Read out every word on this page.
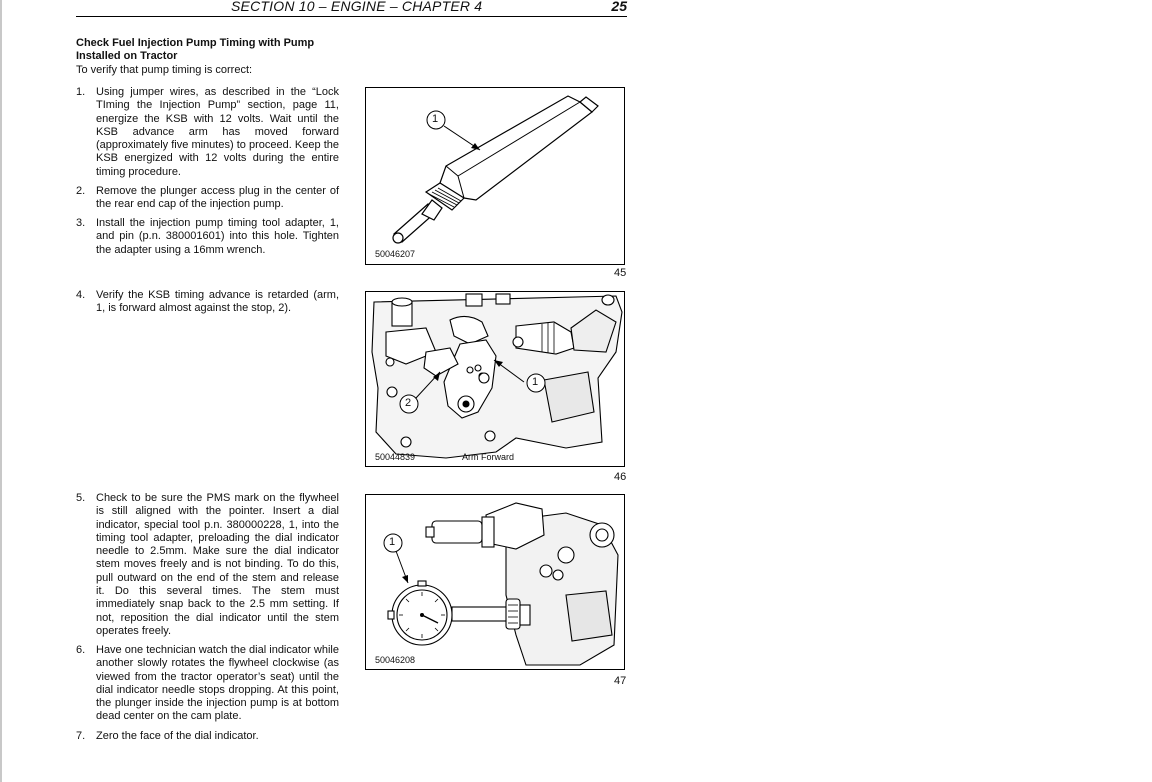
SECTION 10 – ENGINE – CHAPTER 4	25
Check Fuel Injection Pump Timing with Pump Installed on Tractor
To verify that pump timing is correct:
1. Using jumper wires, as described in the “Lock TIming the Injection Pump” section, page 11, energize the KSB with 12 volts. Wait until the KSB advance arm has moved forward (approximately five minutes) to proceed. Keep the KSB energized with 12 volts during the entire timing procedure.
2. Remove the plunger access plug in the center of the rear end cap of the injection pump.
3. Install the injection pump timing tool adapter, 1, and pin (p.n. 380001601) into this hole. Tighten the adapter using a 16mm wrench.
4. Verify the KSB timing advance is retarded (arm, 1, is forward almost against the stop, 2).
5. Check to be sure the PMS mark on the flywheel is still aligned with the pointer. Insert a dial indicator, special tool p.n. 380000228, 1, into the timing tool adapter, preloading the dial indicator needle to 2.5mm. Make sure the dial indicator stem moves freely and is not binding. To do this, pull outward on the end of the stem and release it. Do this several times. The stem must immediately snap back to the 2.5 mm setting. If not, reposition the dial indicator until the stem operates freely.
6. Have one technician watch the dial indicator while another slowly rotates the flywheel clockwise (as viewed from the tractor operator’s seat) until the dial indicator needle stops dropping. At this point, the plunger inside the injection pump is at bottom dead center on the cam plate.
7. Zero the face of the dial indicator.
1
50046207
45
1
2
50044839	Arm Forward
46
1
50046208
47
